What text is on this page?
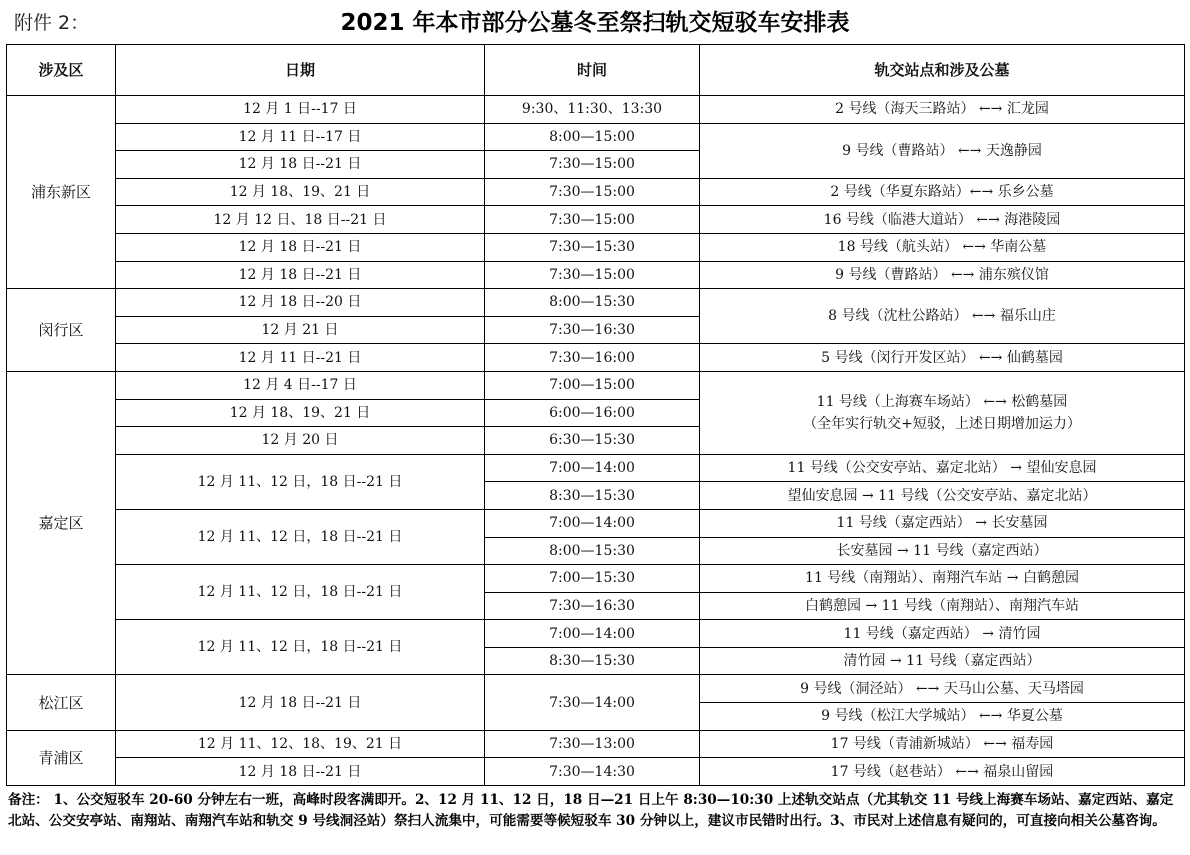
附件 2：	2021 年本市部分公墓冬至祭扫轨交短驳车安排表
涉及区	日期	时间	轨交站点和涉及公墓
浦东新区	12 月 1 日--17 日	9:30、11:30、13:30	2 号线（海天三路站） ←→ 汇龙园
	12 月 11 日--17 日	8:00—15:00	9 号线（曹路站） ←→ 天逸静园
	12 月 18 日--21 日	7:30—15:00	
	12 月 18、19、21 日	7:30—15:00	2 号线（华夏东路站）←→ 乐乡公墓
	12 月 12 日、18 日--21 日	7:30—15:00	16 号线（临港大道站） ←→ 海港陵园
	12 月 18 日--21 日	7:30—15:30	18 号线（航头站） ←→ 华南公墓
	12 月 18 日--21 日	7:30—15:00	9 号线（曹路站） ←→ 浦东殡仪馆
闵行区	12 月 18 日--20 日	8:00—15:30	8 号线（沈杜公路站） ←→ 福乐山庄
	12 月 21 日	7:30—16:30	
	12 月 11 日--21 日	7:30—16:00	5 号线（闵行开发区站） ←→ 仙鹤墓园
嘉定区	12 月 4 日--17 日	7:00—15:00	11 号线（上海赛车场站） ←→ 松鹤墓园
（全年实行轨交+短驳，上述日期增加运力）

	12 月 18、19、21 日	6:00—16:00	
	12 月 20 日	6:30—15:30	
	12 月 11、12 日，18 日--21 日	7:00—14:00	11 号线（公交安亭站、嘉定北站） → 望仙安息园
		8:30—15:30	望仙安息园 → 11 号线（公交安亭站、嘉定北站）
	12 月 11、12 日，18 日--21 日	7:00—14:00	11 号线（嘉定西站） → 长安墓园
		8:00—15:30	长安墓园 → 11 号线（嘉定西站）
	12 月 11、12 日，18 日--21 日	7:00—15:30	11 号线（南翔站）、南翔汽车站 → 白鹤憩园
		7:30—16:30	白鹤憩园 → 11 号线（南翔站）、南翔汽车站
	12 月 11、12 日，18 日--21 日	7:00—14:00	11 号线（嘉定西站） → 清竹园
		8:30—15:30	清竹园 → 11 号线（嘉定西站）
松江区	12 月 18 日--21 日	7:30—14:00	9 号线（洞泾站） ←→ 天马山公墓、天马塔园
			9 号线（松江大学城站） ←→ 华夏公墓
青浦区	12 月 11、12、18、19、21 日	7:30—13:00	17 号线（青浦新城站） ←→ 福寿园
	12 月 18 日--21 日	7:30—14:30	17 号线（赵巷站） ←→ 福泉山留园
备注： 1、公交短驳车 20-60 分钟左右一班，高峰时段客满即开。2、12 月 11、12 日，18 日—21 日上午 8:30—10:30 上述轨交站点（尤其轨交 11 号线上海赛车场站、嘉定西站、嘉定北站、公交安亭站、南翔站、南翔汽车站和轨交 9 号线洞泾站）祭扫人流集中，可能需要等候短驳车 30 分钟以上，建议市民错时出行。3、市民对上述信息有疑问的，可直接向相关公墓咨询。
